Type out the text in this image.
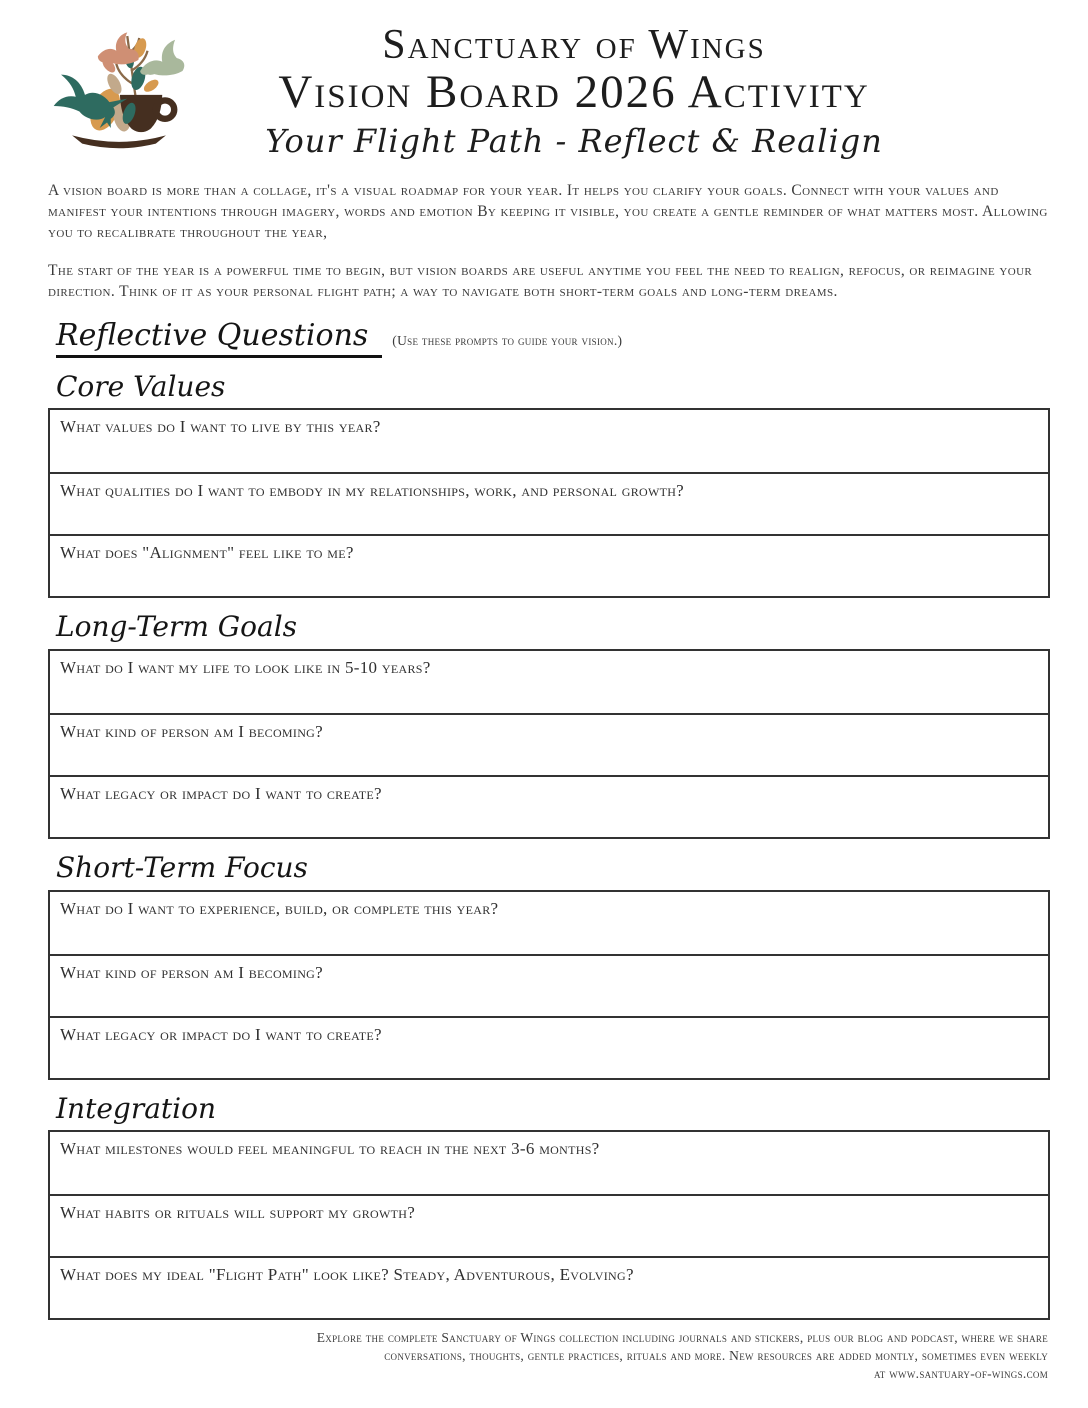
Sanctuary of Wings
Vision Board 2026 Activity
Your Flight Path - Reflect & Realign

A vision board is more than a collage, it's a visual roadmap for your year. It helps you clarify your goals. Connect with your values and manifest your intentions through imagery, words and emotion By keeping it visible, you create a gentle reminder of what matters most. Allowing you to recalibrate throughout the year,

The start of the year is a powerful time to begin, but vision boards are useful anytime you feel the need to realign, refocus, or reimagine your direction. Think of it as your personal flight path; a way to navigate both short-term goals and long-term dreams.

Reflective Questions (Use these prompts to guide your vision.)
Core Values
What values do I want to live by this year?
What qualities do I want to embody in my relationships, work, and personal growth?
What does "Alignment" feel like to me?
Long-Term Goals
What do I want my life to look like in 5-10 years?
What kind of person am I becoming?
What legacy or impact do I want to create?
Short-Term Focus
What do I want to experience, build, or complete this year?
What kind of person am I becoming?
What legacy or impact do I want to create?
Integration
What milestones would feel meaningful to reach in the next 3-6 months?
What habits or rituals will support my growth?
What does my ideal "Flight Path" look like? Steady, Adventurous, Evolving?
Explore the complete Sanctuary of Wings collection including journals and stickers, plus our blog and podcast, where we share
conversations, thoughts, gentle practices, rituals and more. New resources are added montly, sometimes even weekly
at www.santuary-of-wings.com
